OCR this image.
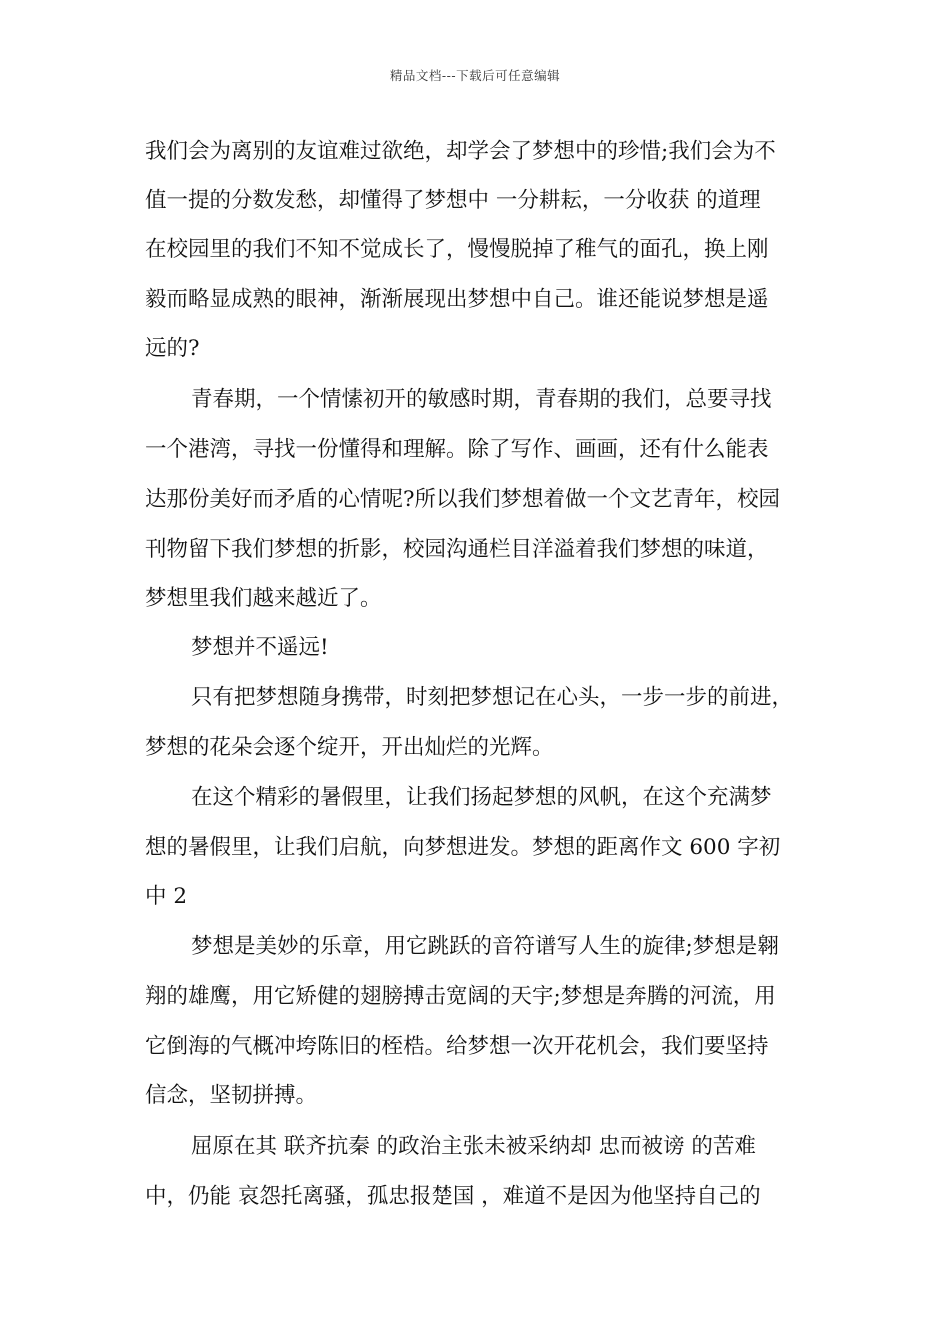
精品文档---下载后可任意编辑
我们会为离别的友谊难过欲绝，却学会了梦想中的珍惜;我们会为不
值一提的分数发愁，却懂得了梦想中 一分耕耘，一分收获 的道理
在校园里的我们不知不觉成长了，慢慢脱掉了稚气的面孔，换上刚
毅而略显成熟的眼神，渐渐展现出梦想中自己。谁还能说梦想是遥
远的?
青春期，一个情愫初开的敏感时期，青春期的我们，总要寻找
一个港湾，寻找一份懂得和理解。除了写作、画画，还有什么能表
达那份美好而矛盾的心情呢?所以我们梦想着做一个文艺青年，校园
刊物留下我们梦想的折影，校园沟通栏目洋溢着我们梦想的味道，
梦想里我们越来越近了。
梦想并不遥远!
只有把梦想随身携带，时刻把梦想记在心头，一步一步的前进，
梦想的花朵会逐个绽开，开出灿烂的光辉。
在这个精彩的暑假里，让我们扬起梦想的风帆，在这个充满梦
想的暑假里，让我们启航，向梦想进发。梦想的距离作文 600 字初
中 2
梦想是美妙的乐章，用它跳跃的音符谱写人生的旋律;梦想是翱
翔的雄鹰，用它矫健的翅膀搏击宽阔的天宇;梦想是奔腾的河流，用
它倒海的气概冲垮陈旧的桎梏。给梦想一次开花机会，我们要坚持
信念，坚韧拼搏。
屈原在其 联齐抗秦 的政治主张未被采纳却 忠而被谤 的苦难
中，仍能 哀怨托离骚，孤忠报楚国 ，难道不是因为他坚持自己的
